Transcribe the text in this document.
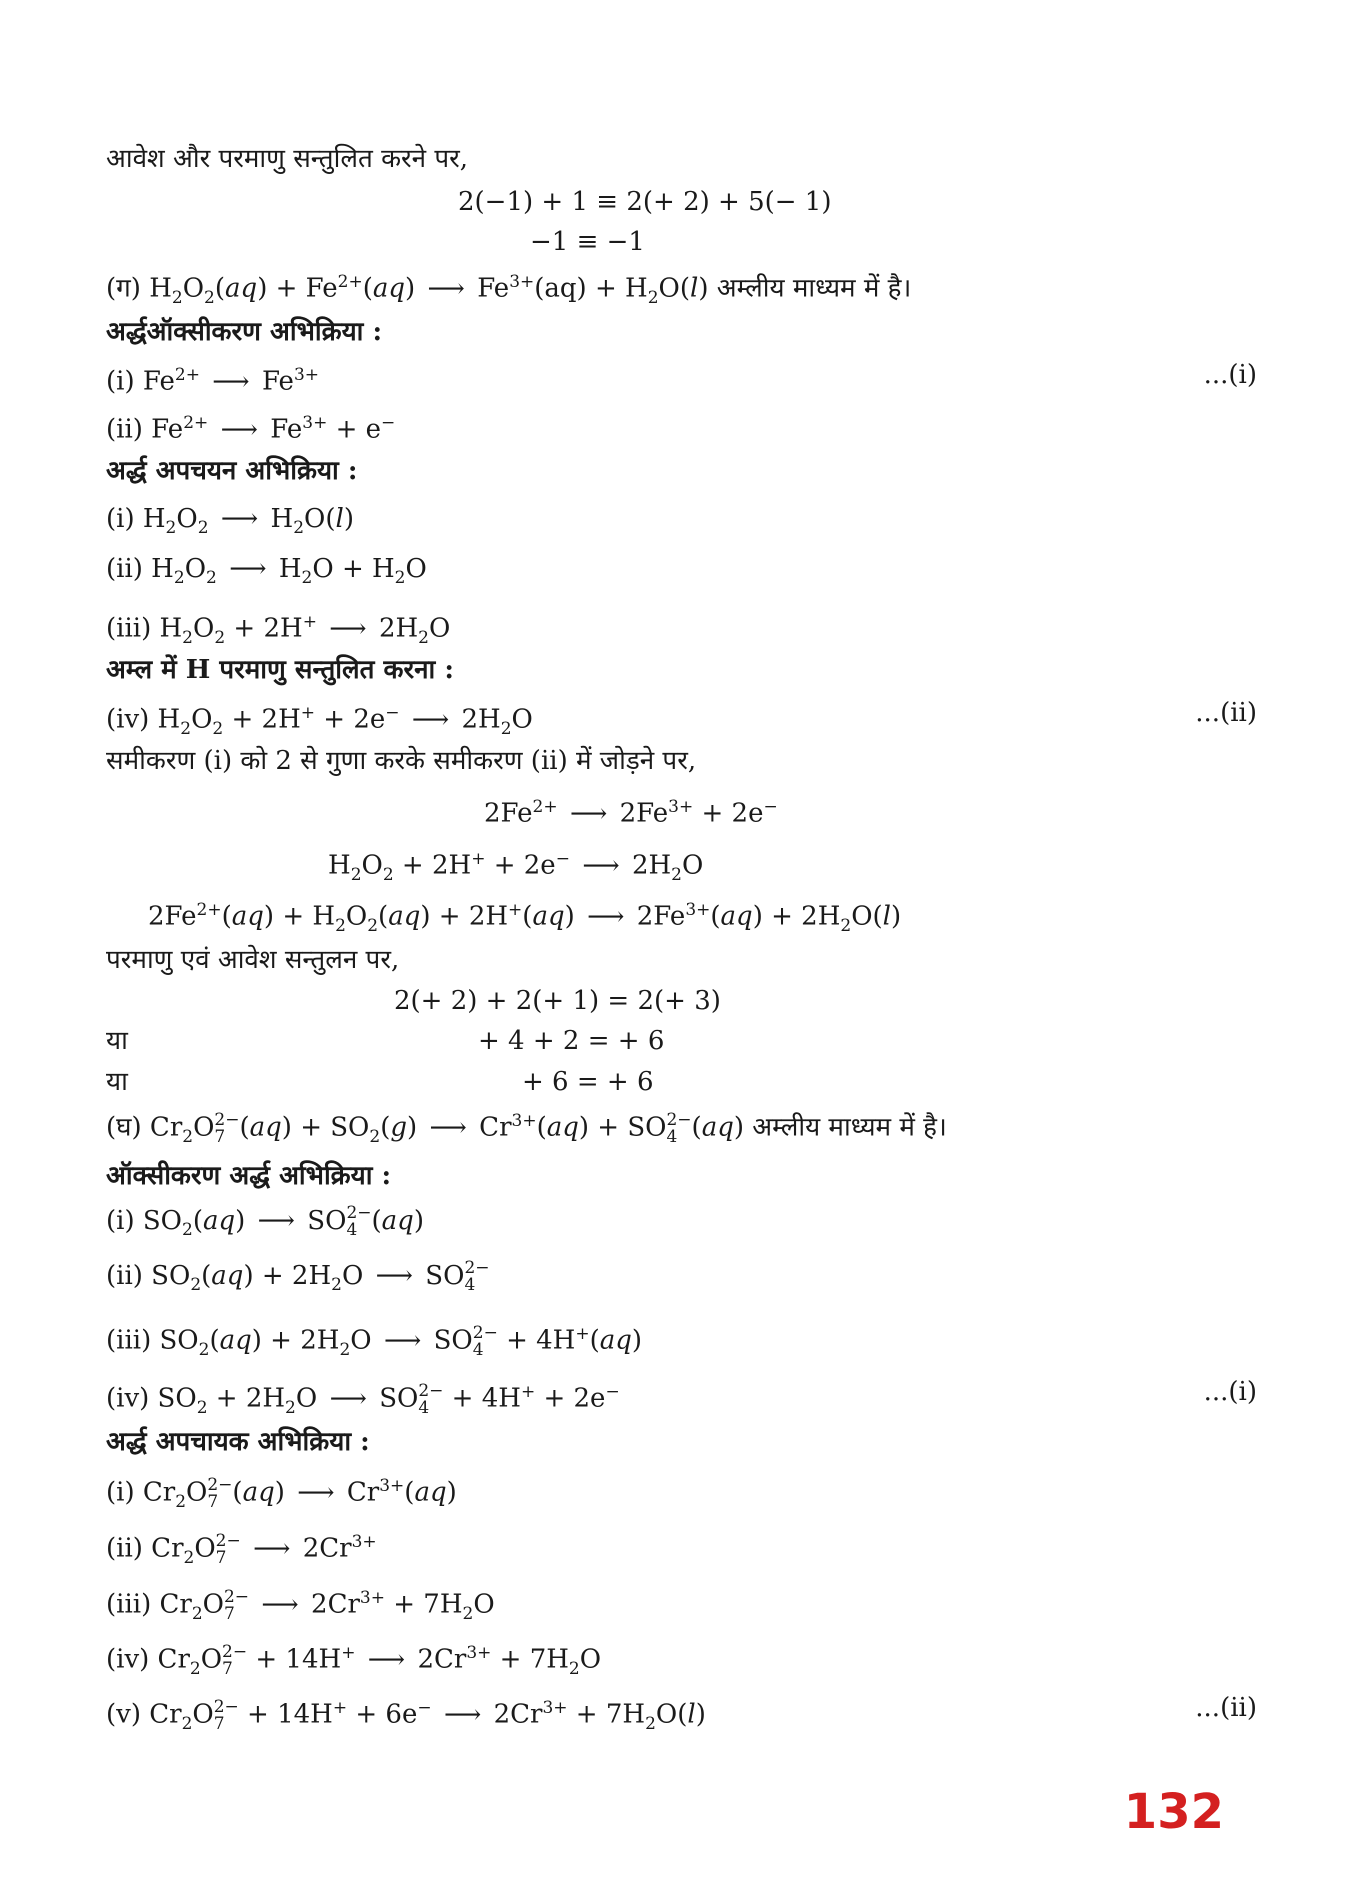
आवेश और परमाणु सन्तुलित करने पर,
2(−1) + 1 ≡ 2(+ 2) + 5(− 1)
−1 ≡ −1
(ग) $H_2O_2(aq)$ + $Fe^{2+}(aq)⟶$ $Fe^{3+}(aq) + H_2O(l)$ अम्लीय माध्यम में है।
अर्द्धऑक्सीकरण अभिक्रिया :
(i) $Fe^{2+}⟶$ $Fe^{3+}$	...(i)
(ii) $Fe^{2+}⟶$ $Fe^{3+} + e^-$
अर्द्ध अपचयन अभिक्रिया :
(i) $H_2O_2⟶$ $H_2O(l)$
(ii) $H_2O_2⟶$ $H_2O + H_2O$
(iii) $H_2O_2$ + 2H+⟶ $2H_2O$
अम्ल में H परमाणु सन्तुलित करना :
(iv) $H_2O_2 + 2H^+$ + 2e−⟶ $2H_2O$	...(ii)
समीकरण (i) को 2 से गुणा करके समीकरण (ii) में जोड़ने पर,
$2Fe^{2+}⟶$ $2Fe^{3+} + 2e^-$
$H_2O_2 + 2H^+$ + 2e−⟶ $2H_2O$
$2Fe^{2+}(aq) + H_2O_2(aq)$ + 2H+(aq)⟶ $2Fe^{3+}(aq) + 2H_2O(l)$
परमाणु एवं आवेश सन्तुलन पर,
2(+ 2) + 2(+ 1) = 2(+ 3)
या	+ 4 + 2 = + 6
या	+ 6 = + 6
(घ) $Cr_2O$ 2−
7 $(aq) + SO_2(g)⟶$ $Cr^{3+}(aq)$ + SO 2−
4 (aq) अम्लीय माध्यम में है।
ऑक्सीकरण अर्द्ध अभिक्रिया :
(i) $SO_2(aq)⟶$ SO 2−
4 (aq)
(ii) $SO_2(aq)$ + $2H_2O⟶$ SO 2−
4
(iii) $SO_2(aq)$ + $2H_2O⟶$ SO 2−
4 + 4H+(aq)
(iv) $SO_2$ + $2H_2O⟶$ SO 2−
4 + 4H+ + 2e−	...(i)
अर्द्ध अपचायक अभिक्रिया :
(i) $Cr_2O$ 2−
7 (aq)⟶ $Cr^{3+}(aq)$
(ii) $Cr_2O$ 2−
7
⟶	$2Cr^{3+}$
(iii) $Cr_2O$ 2−
7
⟶	$2Cr^{3+} + 7H_2O$
(iv) $Cr_2O$ 2−
7 + 14H+⟶ $2Cr^{3+} + 7H_2O$
(v) $Cr_2O$ 2−
7 + 14H+ + 6e−⟶ $2Cr^{3+} + 7H_2O(l)$	...(ii)
132
